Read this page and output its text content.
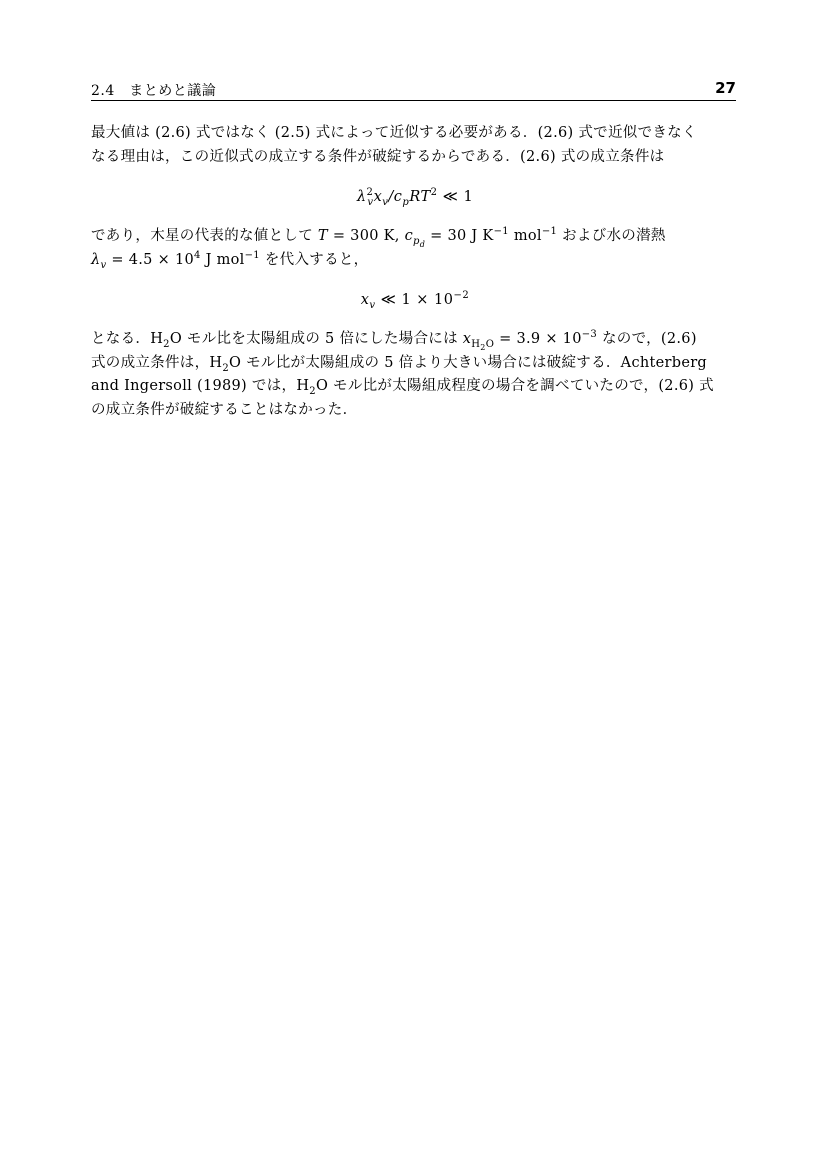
2.4　まとめと議論	27
最大値は (2.6) 式ではなく (2.5) 式によって近似する必要がある．(2.6) 式で近似できなく
なる理由は，この近似式の成立する条件が破綻するからである．(2.6) 式の成立条件は
$\lambda^2_vx_v/c_pRT^2$ ≪ 1
であり，木星の代表的な値として T = 300 K, $c_{p_d} = 30$ J $K^{-1}$ mol$^{-1}$ および水の潜熱
$\lambda_v = 4.5 \times 10^4$ J mol$^{-1}$ を代入すると，
$x_v$ ≪ $1 \times 10^{-2}$
となる．$H_2O$ モル比を太陽組成の 5 倍にした場合には $x_{H_2O} = 3.9 \times 10^{-3}$ なので，(2.6)
式の成立条件は，$H_2O$ モル比が太陽組成の 5 倍より大きい場合には破綻する．Achterberg
and Ingersoll (1989) では，$H_2O$ モル比が太陽組成程度の場合を調べていたので，(2.6) 式
の成立条件が破綻することはなかった．
